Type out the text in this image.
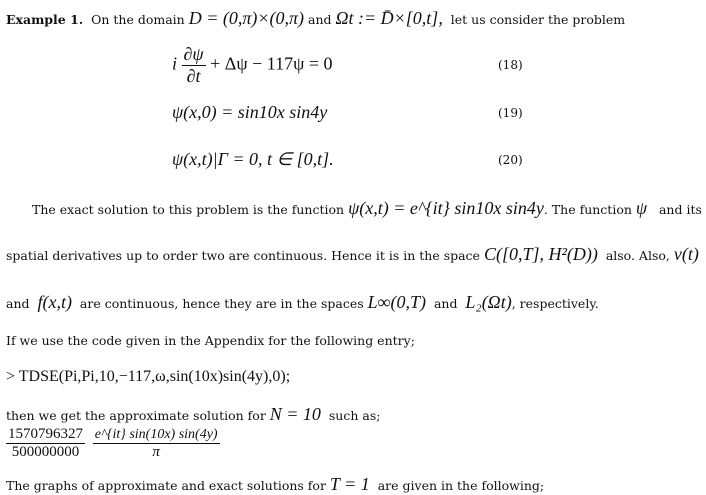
Example 1. On the domain D = (0,π)×(0,π) and Ωt := D̄×[0,t], let us consider the problem
i $\frac{\partial\psi}{\partial t} + \Delta\psi - 117\psi = 0$	(18)
ψ(x,0) = sin10x sin4y	(19)
ψ(x,t)|Γ = 0, t ∈ [0,t].	(20)
The exact solution to this problem is the function ψ(x,t) = e^{it} sin10x sin4y. The function ψ and its
spatial derivatives up to order two are continuous. Hence it is in the space C([0,T], H²(D)) also. Also, v(t)
and f(x,t) are continuous, hence they are in the spaces L∞(0,T) and L₂(Ωt), respectively.
If we use the code given in the Appendix for the following entry;
> TDSE(Pi,Pi,10,−117,ω,sin(10x)sin(4y),0);
then we get the approximate solution for N = 10 such as;
$\frac{1570796327}{500000000}$
$\frac{e\^{}\{it\} \sin(10x) \sin(4y)}{\pi}$
The graphs of approximate and exact solutions for T = 1 are given in the following;
